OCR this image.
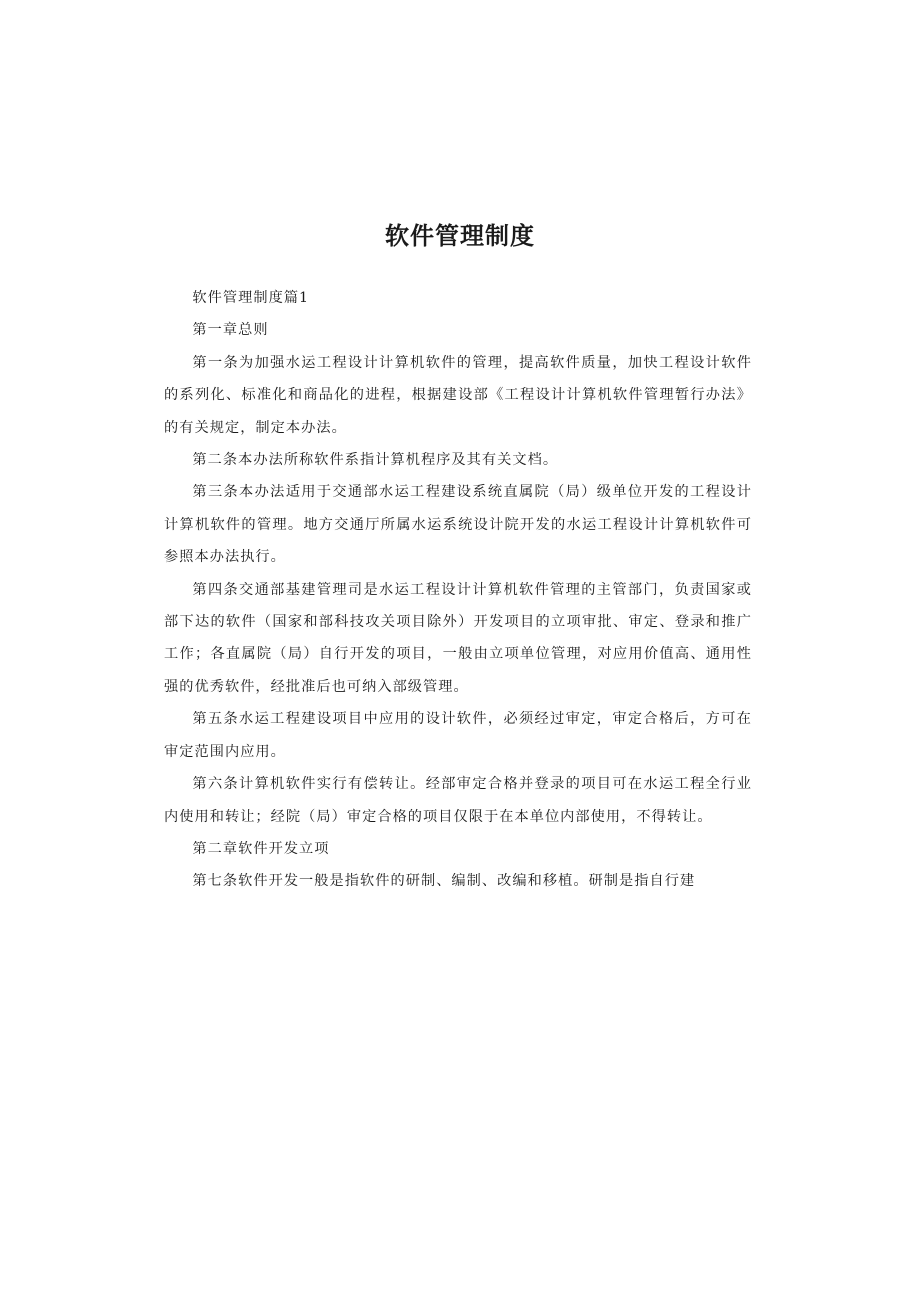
软件管理制度

软件管理制度篇1

第一章总则

第一条为加强水运工程设计计算机软件的管理，提高软件质量，加快工程设计软件的系列化、标准化和商品化的进程，根据建设部《工程设计计算机软件管理暂行办法》的有关规定，制定本办法。

第二条本办法所称软件系指计算机程序及其有关文档。

第三条本办法适用于交通部水运工程建设系统直属院（局）级单位开发的工程设计计算机软件的管理。地方交通厅所属水运系统设计院开发的水运工程设计计算机软件可参照本办法执行。

第四条交通部基建管理司是水运工程设计计算机软件管理的主管部门，负责国家或部下达的软件（国家和部科技攻关项目除外）开发项目的立项审批、审定、登录和推广工作；各直属院（局）自行开发的项目，一般由立项单位管理，对应用价值高、通用性强的优秀软件，经批准后也可纳入部级管理。

第五条水运工程建设项目中应用的设计软件，必须经过审定，审定合格后，方可在审定范围内应用。

第六条计算机软件实行有偿转让。经部审定合格并登录的项目可在水运工程全行业内使用和转让；经院（局）审定合格的项目仅限于在本单位内部使用，不得转让。

第二章软件开发立项

第七条软件开发一般是指软件的研制、编制、改编和移植。研制是指自行建
